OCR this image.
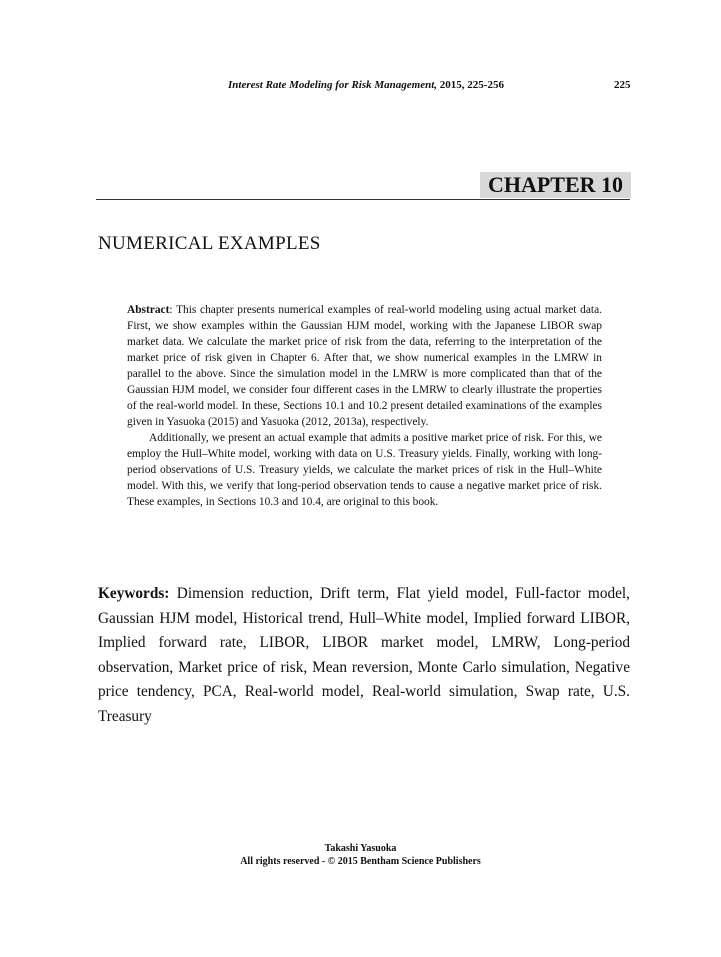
Interest Rate Modeling for Risk Management, 2015, 225-256	225
CHAPTER 10
NUMERICAL EXAMPLES

Abstract: This chapter presents numerical examples of real-world modeling using actual market data. First, we show examples within the Gaussian HJM model, working with the Japanese LIBOR swap market data. We calculate the market price of risk from the data, referring to the interpretation of the market price of risk given in Chapter 6. After that, we show numerical examples in the LMRW in parallel to the above. Since the simulation model in the LMRW is more complicated than that of the Gaussian HJM model, we consider four different cases in the LMRW to clearly illustrate the properties of the real-world model. In these, Sections 10.1 and 10.2 present detailed examinations of the examples given in Yasuoka (2015) and Yasuoka (2012, 2013a), respectively.

Additionally, we present an actual example that admits a positive market price of risk. For this, we employ the Hull–White model, working with data on U.S. Treasury yields. Finally, working with long-period observations of U.S. Treasury yields, we calculate the market prices of risk in the Hull–White model. With this, we verify that long-period observation tends to cause a negative market price of risk. These examples, in Sections 10.3 and 10.4, are original to this book.

Keywords: Dimension reduction, Drift term, Flat yield model, Full-factor model, Gaussian HJM model, Historical trend, Hull–White model, Implied forward LIBOR, Implied forward rate, LIBOR, LIBOR market model, LMRW, Long-period observation, Market price of risk, Mean reversion, Monte Carlo simulation, Negative price tendency, PCA, Real-world model, Real-world simulation, Swap rate, U.S. Treasury
Takashi Yasuoka
All rights reserved - © 2015 Bentham Science Publishers
